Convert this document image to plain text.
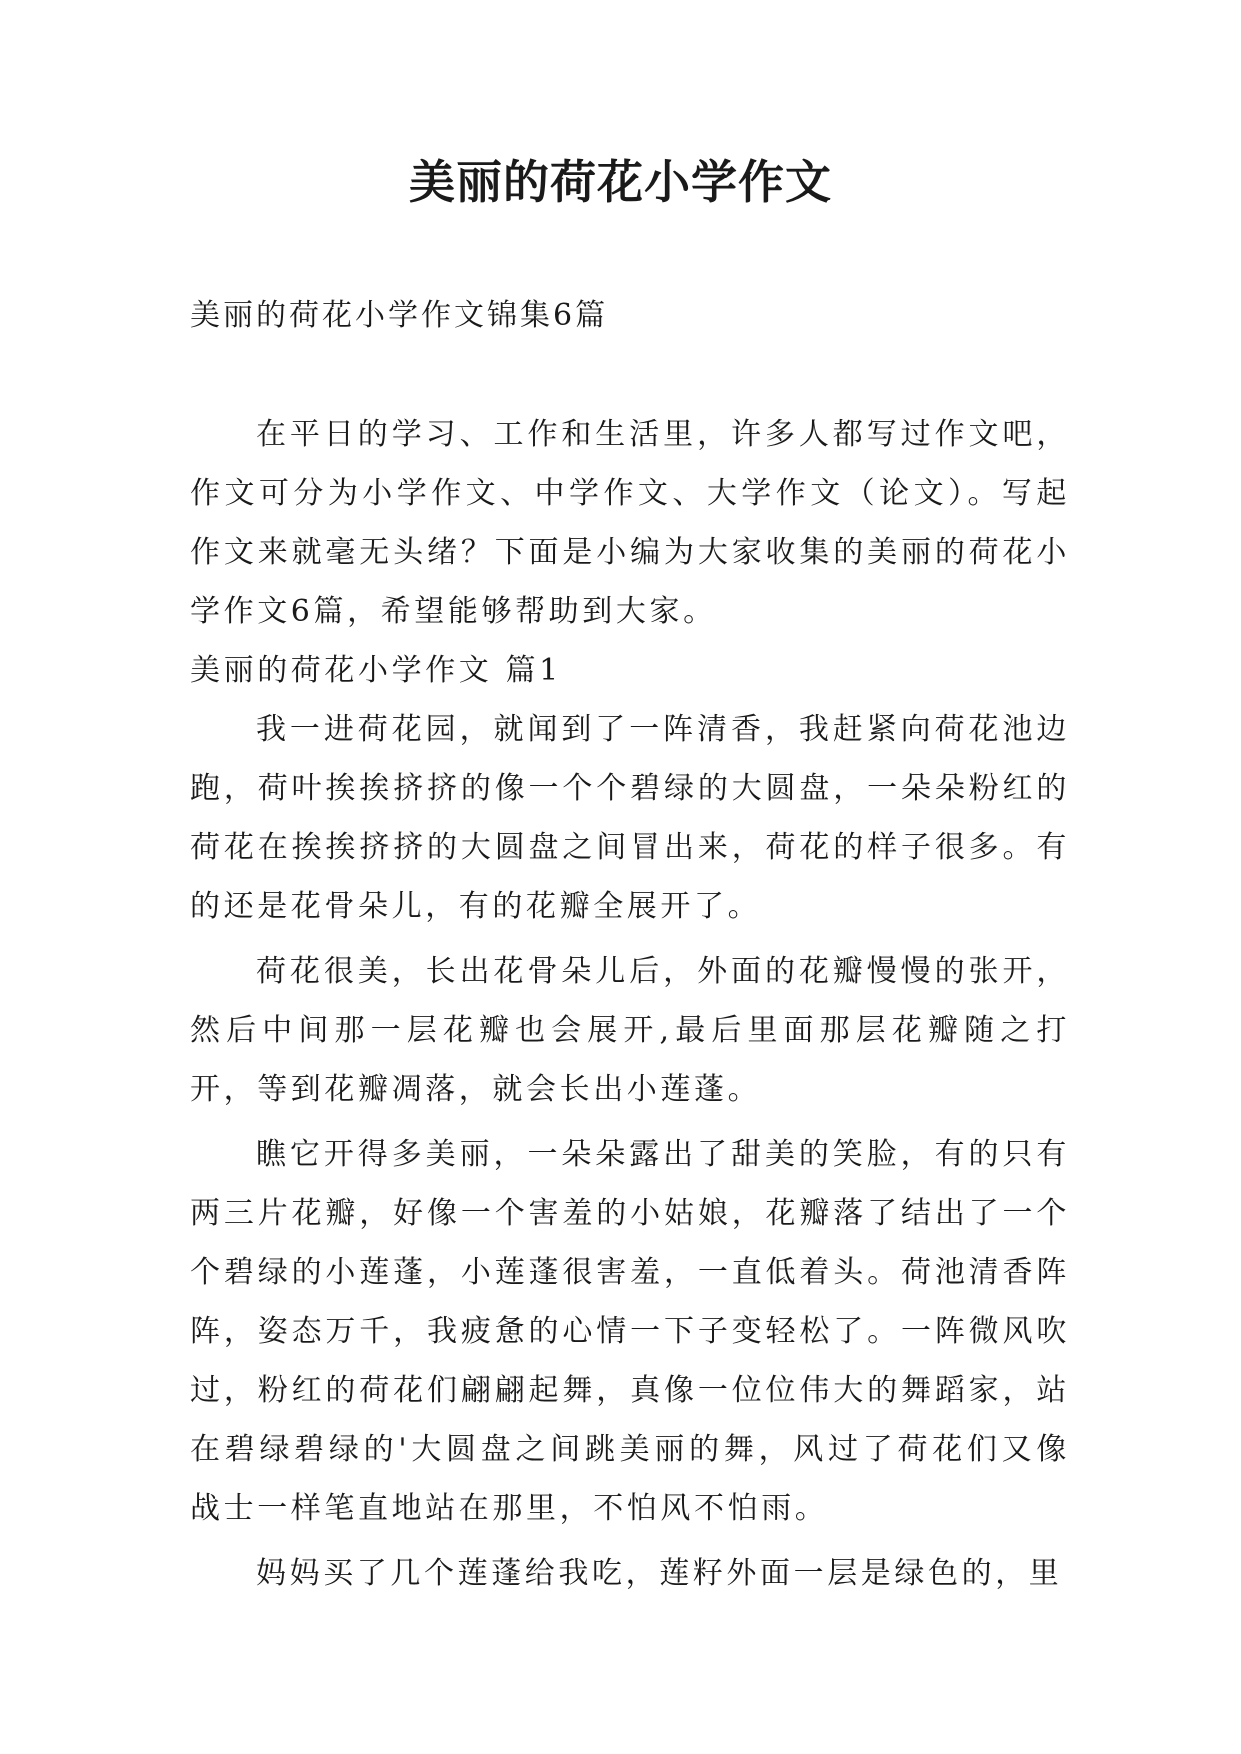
美丽的荷花小学作文

美丽的荷花小学作文锦集6篇

在平日的学习、工作和生活里，许多人都写过作文吧，作文可分为小学作文、中学作文、大学作文（论文）。写起作文来就毫无头绪？下面是小编为大家收集的美丽的荷花小学作文6篇，希望能够帮助到大家。

美丽的荷花小学作文 篇1

我一进荷花园，就闻到了一阵清香，我赶紧向荷花池边跑，荷叶挨挨挤挤的像一个个碧绿的大圆盘，一朵朵粉红的荷花在挨挨挤挤的大圆盘之间冒出来，荷花的样子很多。有的还是花骨朵儿，有的花瓣全展开了。

荷花很美，长出花骨朵儿后，外面的花瓣慢慢的张开，然后中间那一层花瓣也会展开,最后里面那层花瓣随之打开，等到花瓣凋落，就会长出小莲蓬。

瞧它开得多美丽，一朵朵露出了甜美的笑脸，有的只有两三片花瓣，好像一个害羞的小姑娘，花瓣落了结出了一个个碧绿的小莲蓬，小莲蓬很害羞，一直低着头。荷池清香阵阵，姿态万千，我疲惫的心情一下子变轻松了。一阵微风吹过，粉红的荷花们翩翩起舞，真像一位位伟大的舞蹈家，站在碧绿碧绿的'大圆盘之间跳美丽的舞，风过了荷花们又像战士一样笔直地站在那里，不怕风不怕雨。

妈妈买了几个莲蓬给我吃，莲籽外面一层是绿色的，里
